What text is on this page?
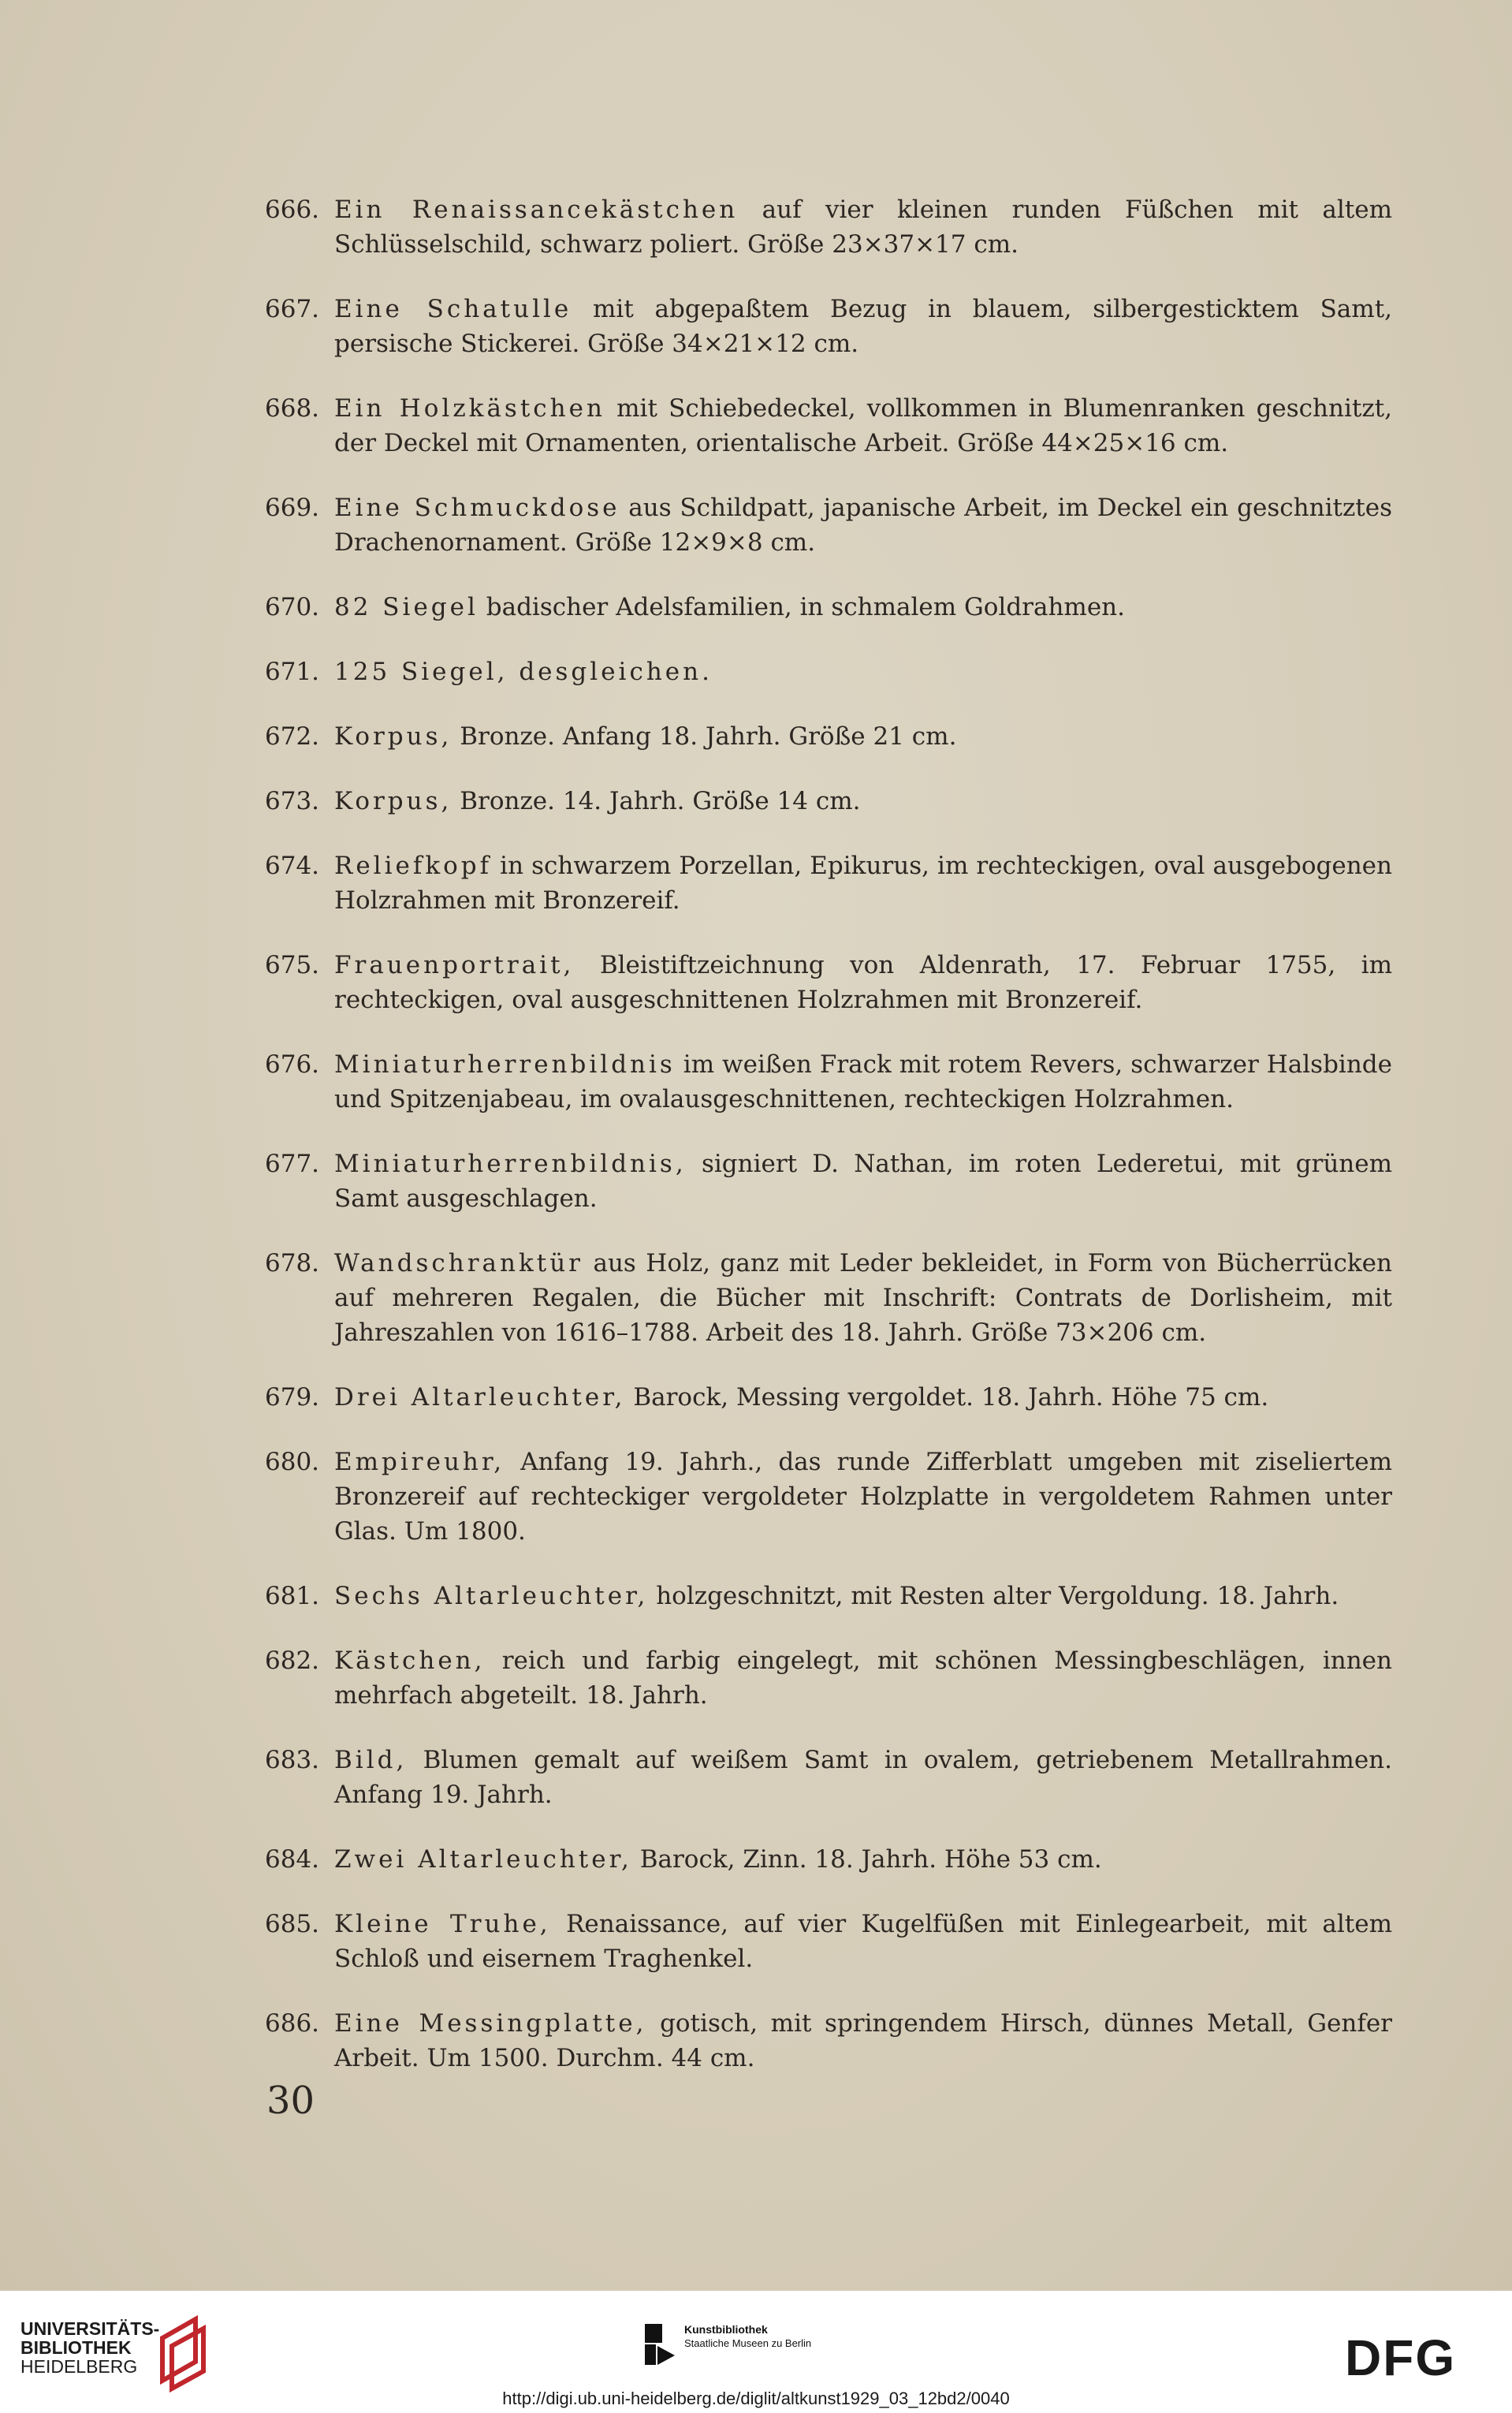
666. Ein Renaissancekästchen auf vier kleinen runden Füßchen mit altem Schlüsselschild, schwarz poliert. Größe 23×37×17 cm.
667. Eine Schatulle mit abgepaßtem Bezug in blauem, silbergesticktem Samt, persische Stickerei. Größe 34×21×12 cm.
668. Ein Holzkästchen mit Schiebedeckel, vollkommen in Blumenranken geschnitzt, der Deckel mit Ornamenten, orientalische Arbeit. Größe 44×25×16 cm.
669. Eine Schmuckdose aus Schildpatt, japanische Arbeit, im Deckel ein geschnitztes Drachenornament. Größe 12×9×8 cm.
670. 82 Siegel badischer Adelsfamilien, in schmalem Goldrahmen.
671. 125 Siegel, desgleichen.
672. Korpus, Bronze. Anfang 18. Jahrh. Größe 21 cm.
673. Korpus, Bronze. 14. Jahrh. Größe 14 cm.
674. Reliefkopf in schwarzem Porzellan, Epikurus, im rechteckigen, oval ausgebogenen Holzrahmen mit Bronzereif.
675. Frauenportrait, Bleistiftzeichnung von Aldenrath, 17. Februar 1755, im rechteckigen, oval ausgeschnittenen Holzrahmen mit Bronzereif.
676. Miniaturherrenbildnis im weißen Frack mit rotem Revers, schwarzer Halsbinde und Spitzenjabeau, im ovalausgeschnittenen, rechteckigen Holzrahmen.
677. Miniaturherrenbildnis, signiert D. Nathan, im roten Lederetui, mit grünem Samt ausgeschlagen.
678. Wandschranktür aus Holz, ganz mit Leder bekleidet, in Form von Bücherrücken auf mehreren Regalen, die Bücher mit Inschrift: Contrats de Dorlisheim, mit Jahreszahlen von 1616–1788. Arbeit des 18. Jahrh. Größe 73×206 cm.
679. Drei Altarleuchter, Barock, Messing vergoldet. 18. Jahrh. Höhe 75 cm.
680. Empireuhr, Anfang 19. Jahrh., das runde Zifferblatt umgeben mit ziseliertem Bronzereif auf rechteckiger vergoldeter Holzplatte in vergoldetem Rahmen unter Glas. Um 1800.
681. Sechs Altarleuchter, holzgeschnitzt, mit Resten alter Vergoldung. 18. Jahrh.
682. Kästchen, reich und farbig eingelegt, mit schönen Messingbeschlägen, innen mehrfach abgeteilt. 18. Jahrh.
683. Bild, Blumen gemalt auf weißem Samt in ovalem, getriebenem Metallrahmen. Anfang 19. Jahrh.
684. Zwei Altarleuchter, Barock, Zinn. 18. Jahrh. Höhe 53 cm.
685. Kleine Truhe, Renaissance, auf vier Kugelfüßen mit Einlegearbeit, mit altem Schloß und eisernem Traghenkel.
686. Eine Messingplatte, gotisch, mit springendem Hirsch, dünnes Metall, Genfer Arbeit. Um 1500. Durchm. 44 cm.
30
UNIVERSITÄTS-
BIBLIOTHEK
HEIDELBERG
Kunstbibliothek
Staatliche Museen zu Berlin	DFG
http://digi.ub.uni-heidelberg.de/diglit/altkunst1929_03_12bd2/0040
